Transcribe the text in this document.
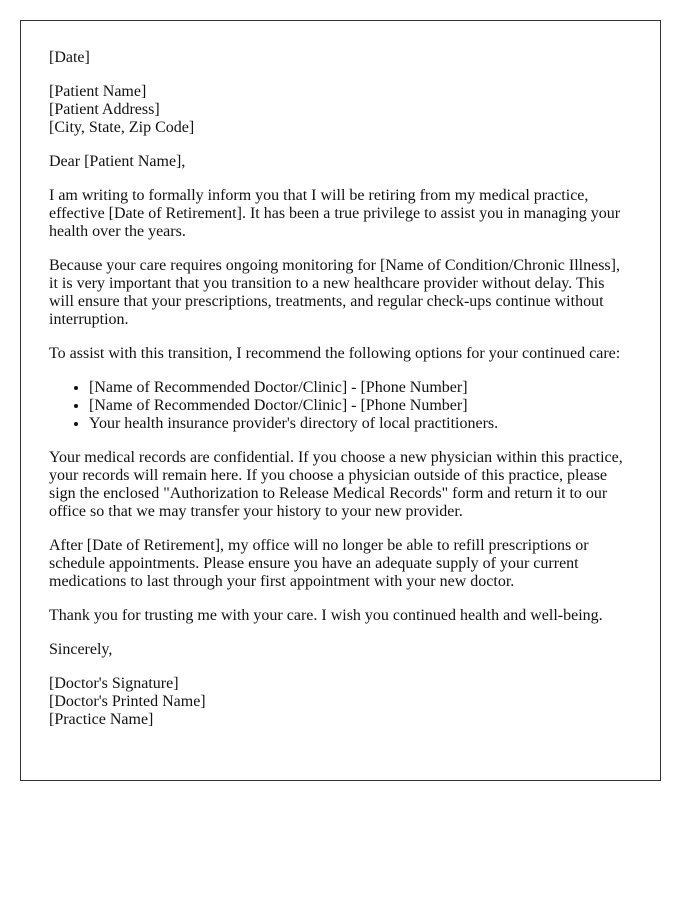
[Date]

[Patient Name]
[Patient Address]
[City, State, Zip Code]

Dear [Patient Name],

I am writing to formally inform you that I will be retiring from my medical practice, effective [Date of Retirement]. It has been a true privilege to assist you in managing your health over the years.

Because your care requires ongoing monitoring for [Name of Condition/Chronic Illness], it is very important that you transition to a new healthcare provider without delay. This will ensure that your prescriptions, treatments, and regular check-ups continue without interruption.

To assist with this transition, I recommend the following options for your continued care:

• [Name of Recommended Doctor/Clinic] - [Phone Number]
• [Name of Recommended Doctor/Clinic] - [Phone Number]
• Your health insurance provider's directory of local practitioners.

Your medical records are confidential. If you choose a new physician within this practice, your records will remain here. If you choose a physician outside of this practice, please sign the enclosed "Authorization to Release Medical Records" form and return it to our office so that we may transfer your history to your new provider.

After [Date of Retirement], my office will no longer be able to refill prescriptions or schedule appointments. Please ensure you have an adequate supply of your current medications to last through your first appointment with your new doctor.

Thank you for trusting me with your care. I wish you continued health and well-being.

Sincerely,

[Doctor's Signature]
[Doctor's Printed Name]
[Practice Name]
